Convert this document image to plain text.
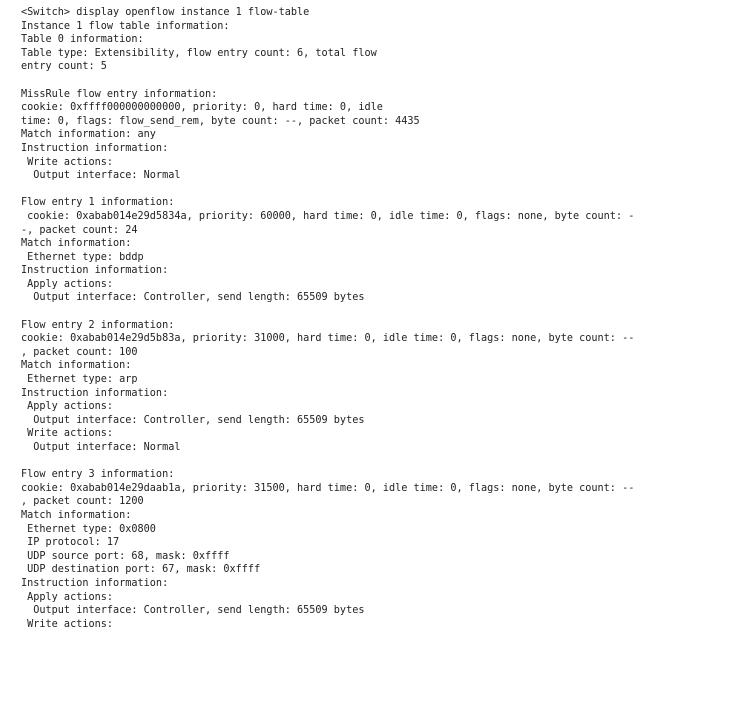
<Switch> display openflow instance 1 flow-table
Instance 1 flow table information:
Table 0 information:
Table type: Extensibility, flow entry count: 6, total flow
entry count: 5
MissRule flow entry information:
cookie: 0xffff000000000000, priority: 0, hard time: 0, idle
time: 0, flags: flow_send_rem, byte count: --, packet count: 4435
Match information: any
Instruction information:
Write actions:
Output interface: Normal
Flow entry 1 information:
cookie: 0xabab014e29d5834a, priority: 60000, hard time: 0, idle time: 0, flags: none, byte count: -
-, packet count: 24
Match information:
Ethernet type: bddp
Instruction information:
Apply actions:
Output interface: Controller, send length: 65509 bytes
Flow entry 2 information:
cookie: 0xabab014e29d5b83a, priority: 31000, hard time: 0, idle time: 0, flags: none, byte count: --
, packet count: 100
Match information:
Ethernet type: arp
Instruction information:
Apply actions:
Output interface: Controller, send length: 65509 bytes
Write actions:
Output interface: Normal
Flow entry 3 information:
cookie: 0xabab014e29daab1a, priority: 31500, hard time: 0, idle time: 0, flags: none, byte count: --
, packet count: 1200
Match information:
Ethernet type: 0x0800
IP protocol: 17
UDP source port: 68, mask: 0xffff
UDP destination port: 67, mask: 0xffff
Instruction information:
Apply actions:
Output interface: Controller, send length: 65509 bytes
Write actions:
